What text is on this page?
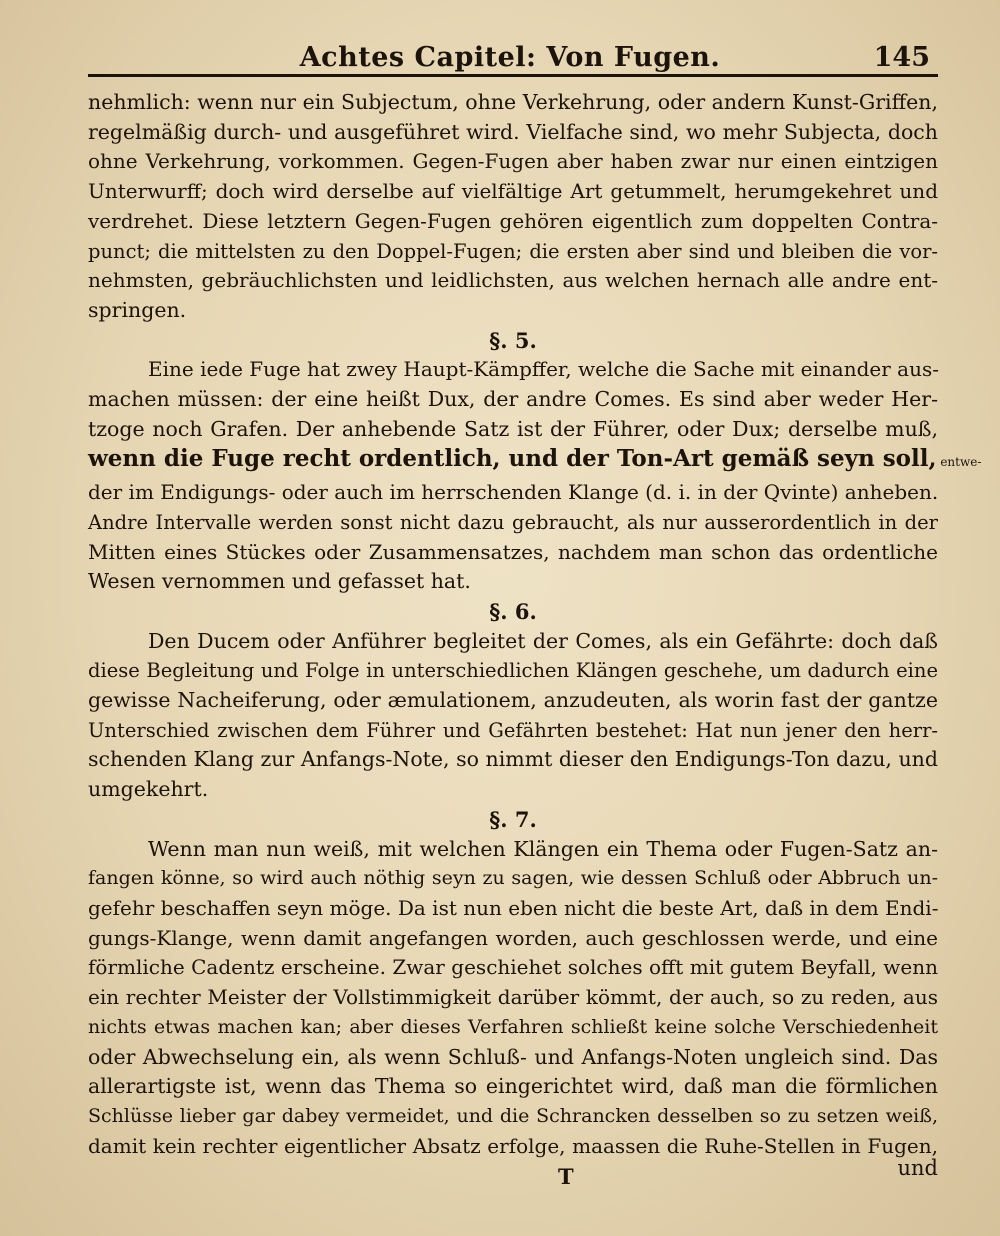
Achtes Capitel: Von Fugen.	145
nehmlich: wenn nur ein Subjectum, ohne Verkehrung, oder andern Kunst-Griffen,
regelmäßig durch- und ausgeführet wird. Vielfache sind, wo mehr Subjecta, doch
ohne Verkehrung, vorkommen. Gegen-Fugen aber haben zwar nur einen eintzigen
Unterwurff; doch wird derselbe auf vielfältige Art getummelt, herumgekehret und
verdrehet. Diese letztern Gegen-Fugen gehören eigentlich zum doppelten Contra-
punct; die mittelsten zu den Doppel-Fugen; die ersten aber sind und bleiben die vor-
nehmsten, gebräuchlichsten und leidlichsten, aus welchen hernach alle andre ent-
springen.
§. 5.
Eine iede Fuge hat zwey Haupt-Kämpffer, welche die Sache mit einander aus-
machen müssen: der eine heißt Dux, der andre Comes. Es sind aber weder Her-
tzoge noch Grafen. Der anhebende Satz ist der Führer, oder Dux; derselbe muß,
wenn die Fuge recht ordentlich, und der Ton-Art gemäß seyn soll, entwe-
der im Endigungs- oder auch im herrschenden Klange (d. i. in der Qvinte) anheben.
Andre Intervalle werden sonst nicht dazu gebraucht, als nur ausserordentlich in der
Mitten eines Stückes oder Zusammensatzes, nachdem man schon das ordentliche
Wesen vernommen und gefasset hat.
§. 6.
Den Ducem oder Anführer begleitet der Comes, als ein Gefährte: doch daß
diese Begleitung und Folge in unterschiedlichen Klängen geschehe, um dadurch eine
gewisse Nacheiferung, oder æmulationem, anzudeuten, als worin fast der gantze
Unterschied zwischen dem Führer und Gefährten bestehet: Hat nun jener den herr-
schenden Klang zur Anfangs-Note, so nimmt dieser den Endigungs-Ton dazu, und
umgekehrt.
§. 7.
Wenn man nun weiß, mit welchen Klängen ein Thema oder Fugen-Satz an-
fangen könne, so wird auch nöthig seyn zu sagen, wie dessen Schluß oder Abbruch un-
gefehr beschaffen seyn möge. Da ist nun eben nicht die beste Art, daß in dem Endi-
gungs-Klange, wenn damit angefangen worden, auch geschlossen werde, und eine
förmliche Cadentz erscheine. Zwar geschiehet solches offt mit gutem Beyfall, wenn
ein rechter Meister der Vollstimmigkeit darüber kömmt, der auch, so zu reden, aus
nichts etwas machen kan; aber dieses Verfahren schließt keine solche Verschiedenheit
oder Abwechselung ein, als wenn Schluß- und Anfangs-Noten ungleich sind. Das
allerartigste ist, wenn das Thema so eingerichtet wird, daß man die förmlichen
Schlüsse lieber gar dabey vermeidet, und die Schrancken desselben so zu setzen weiß,
damit kein rechter eigentlicher Absatz erfolge, maassen die Ruhe-Stellen in Fugen,
T	und
